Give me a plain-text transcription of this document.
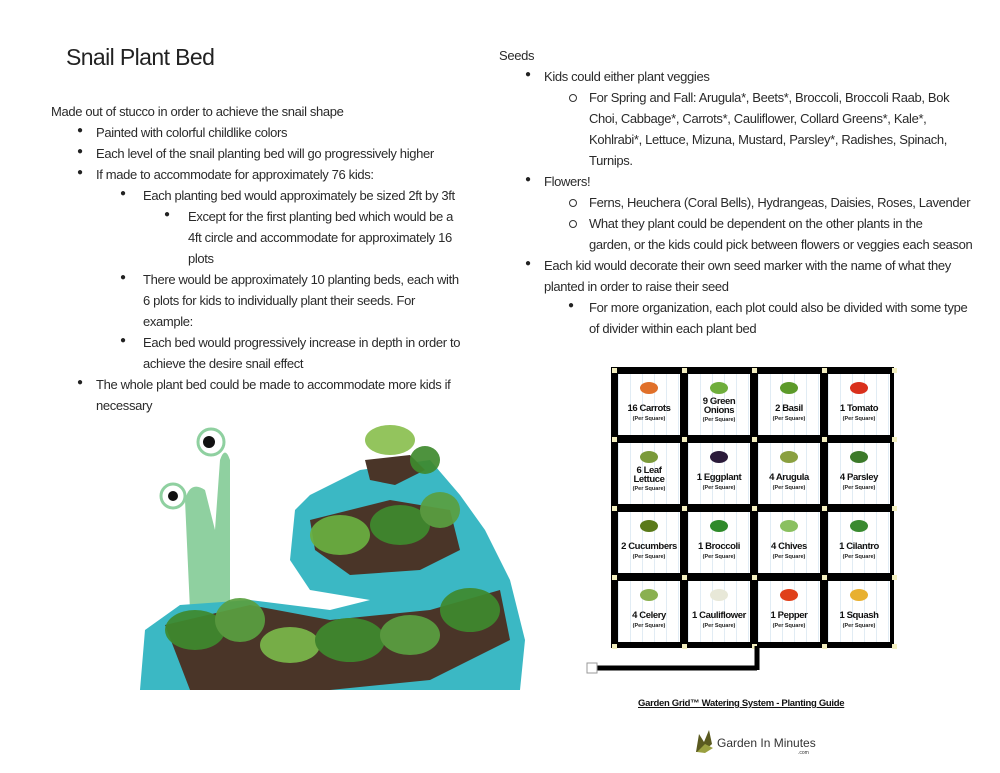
Snail Plant Bed
Made out of stucco in order to achieve the snail shape
● Painted with colorful childlike colors
● Each level of the snail planting bed will go progressively higher
● If made to accommodate for approximately 76 kids:
● Each planting bed would approximately be sized 2ft by 3ft
● Except for the first planting bed which would be a
4ft circle and accommodate for approximately 16
plots
● There would be approximately 10 planting beds, each with
6 plots for kids to individually plant their seeds. For
example:
● Each bed would progressively increase in depth in order to
achieve the desire snail effect
● The whole plant bed could be made to accommodate more kids if
necessary
Seeds
● Kids could either plant veggies
For Spring and Fall: Arugula*, Beets*, Broccoli, Broccoli Raab, Bok
Choi, Cabbage*, Carrots*, Cauliflower, Collard Greens*, Kale*,
Kohlrabi*, Lettuce, Mizuna, Mustard, Parsley*, Radishes, Spinach,
Turnips.
● Flowers!
Ferns, Heuchera (Coral Bells), Hydrangeas, Daisies, Roses, Lavender
What they plant could be dependent on the other plants in the
garden, or the kids could pick between flowers or veggies each season
● Each kid would decorate their own seed marker with the name of what they
planted in order to raise their seed
● For more organization, each plot could also be divided with some type
of divider within each plant bed
16 Carrots
(Per Square)
9 Green
Onions
(Per Square)
2 Basil
(Per Square)
1 Tomato
(Per Square)
6 Leaf
Lettuce
(Per Square)
1 Eggplant
(Per Square)
4 Arugula
(Per Square)
4 Parsley
(Per Square)
2 Cucumbers
(Per Square)
1 Broccoli
(Per Square)
4 Chives
(Per Square)
1 Cilantro
(Per Square)
4 Celery
(Per Square)
1 Cauliflower
(Per Square)
1 Pepper
(Per Square)
1 Squash
(Per Square)
Garden Grid™ Watering System - Planting Guide
Garden In Minutes
.com
